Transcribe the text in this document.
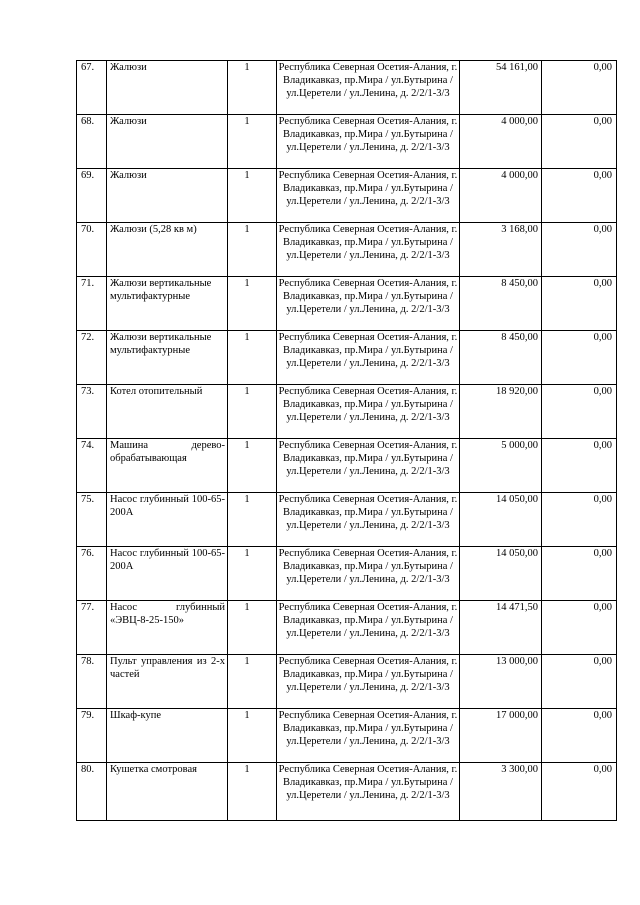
67.	Жалюзи	1	Республика Северная Осетия-Алания, г. Владикавказ, пр.Мира / ул.Бутырина / ул.Церетели / ул.Ленина, д. 2/2/1-3/3	54 161,00	0,00
68.	Жалюзи	1	Республика Северная Осетия-Алания, г. Владикавказ, пр.Мира / ул.Бутырина / ул.Церетели / ул.Ленина, д. 2/2/1-3/3	4 000,00	0,00
69.	Жалюзи	1	Республика Северная Осетия-Алания, г. Владикавказ, пр.Мира / ул.Бутырина / ул.Церетели / ул.Ленина, д. 2/2/1-3/3	4 000,00	0,00
70.	Жалюзи (5,28 кв м)	1	Республика Северная Осетия-Алания, г. Владикавказ, пр.Мира / ул.Бутырина / ул.Церетели / ул.Ленина, д. 2/2/1-3/3	3 168,00	0,00
71.	Жалюзи вертикальные мультифактурные	1	Республика Северная Осетия-Алания, г. Владикавказ, пр.Мира / ул.Бутырина / ул.Церетели / ул.Ленина, д. 2/2/1-3/3	8 450,00	0,00
72.	Жалюзи вертикальные мультифактурные	1	Республика Северная Осетия-Алания, г. Владикавказ, пр.Мира / ул.Бутырина / ул.Церетели / ул.Ленина, д. 2/2/1-3/3	8 450,00	0,00
73.	Котел отопительный	1	Республика Северная Осетия-Алания, г. Владикавказ, пр.Мира / ул.Бутырина / ул.Церетели / ул.Ленина, д. 2/2/1-3/3	18 920,00	0,00
74.	Машина дерево-обрабатывающая	1	Республика Северная Осетия-Алания, г. Владикавказ, пр.Мира / ул.Бутырина / ул.Церетели / ул.Ленина, д. 2/2/1-3/3	5 000,00	0,00
75.	Насос глубинный 100-65-200А	1	Республика Северная Осетия-Алания, г. Владикавказ, пр.Мира / ул.Бутырина / ул.Церетели / ул.Ленина, д. 2/2/1-3/3	14 050,00	0,00
76.	Насос глубинный 100-65-200А	1	Республика Северная Осетия-Алания, г. Владикавказ, пр.Мира / ул.Бутырина / ул.Церетели / ул.Ленина, д. 2/2/1-3/3	14 050,00	0,00
77.	Насос глубинный «ЭВЦ-8-25-150»	1	Республика Северная Осетия-Алания, г. Владикавказ, пр.Мира / ул.Бутырина / ул.Церетели / ул.Ленина, д. 2/2/1-3/3	14 471,50	0,00
78.	Пульт управления из 2-х частей	1	Республика Северная Осетия-Алания, г. Владикавказ, пр.Мира / ул.Бутырина / ул.Церетели / ул.Ленина, д. 2/2/1-3/3	13 000,00	0,00
79.	Шкаф-купе	1	Республика Северная Осетия-Алания, г. Владикавказ, пр.Мира / ул.Бутырина / ул.Церетели / ул.Ленина, д. 2/2/1-3/3	17 000,00	0,00
80.	Кушетка смотровая	1	Республика Северная Осетия-Алания, г. Владикавказ, пр.Мира / ул.Бутырина / ул.Церетели / ул.Ленина, д. 2/2/1-3/3	3 300,00	0,00
